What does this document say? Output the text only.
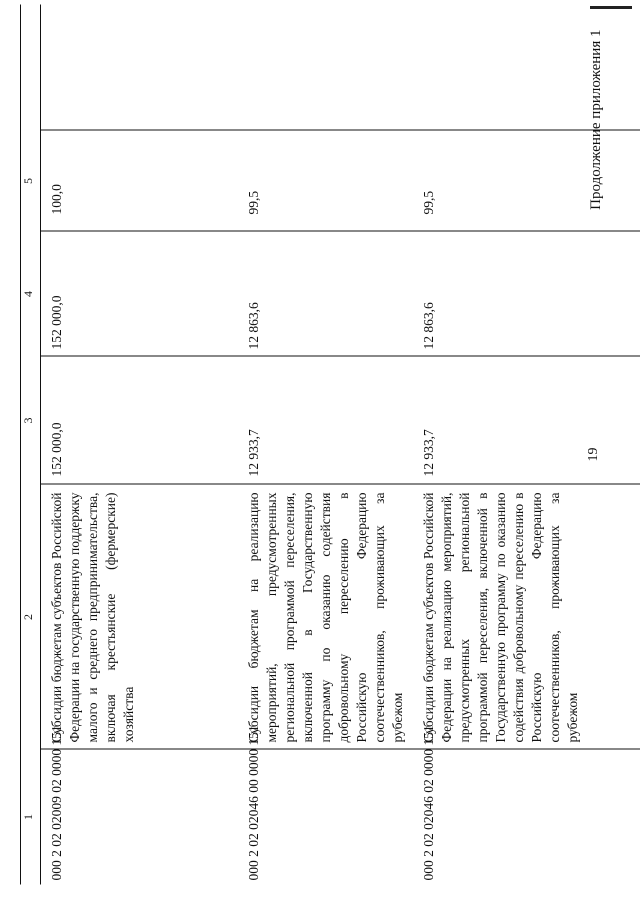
19
Продолжение приложения 1
1
2
3
4
5
000 2 02 02009 02 0000 151
Субсидии бюджетам субъектов Российской Федерации на государственную поддержку малого и среднего предпринимательства, включая крестьянские (фермерские) хозяйства
152 000,0
152 000,0
100,0
000 2 02 02046 00 0000 151
Субсидии бюджетам на реализацию мероприятий, предусмотренных региональной программой переселения, включенной в Государственную программу по оказанию содействия добровольному переселению в Российскую Федерацию соотечественников, проживающих за рубежом
12 933,7
12 863,6
99,5
000 2 02 02046 02 0000 151
Субсидии бюджетам субъектов Российской Федерации на реализацию мероприятий, предусмотренных региональной программой переселения, включенной в Государственную программу по оказанию содействия добровольному переселению в Российскую Федерацию соотечественников, проживающих за рубежом
12 933,7
12 863,6
99,5
